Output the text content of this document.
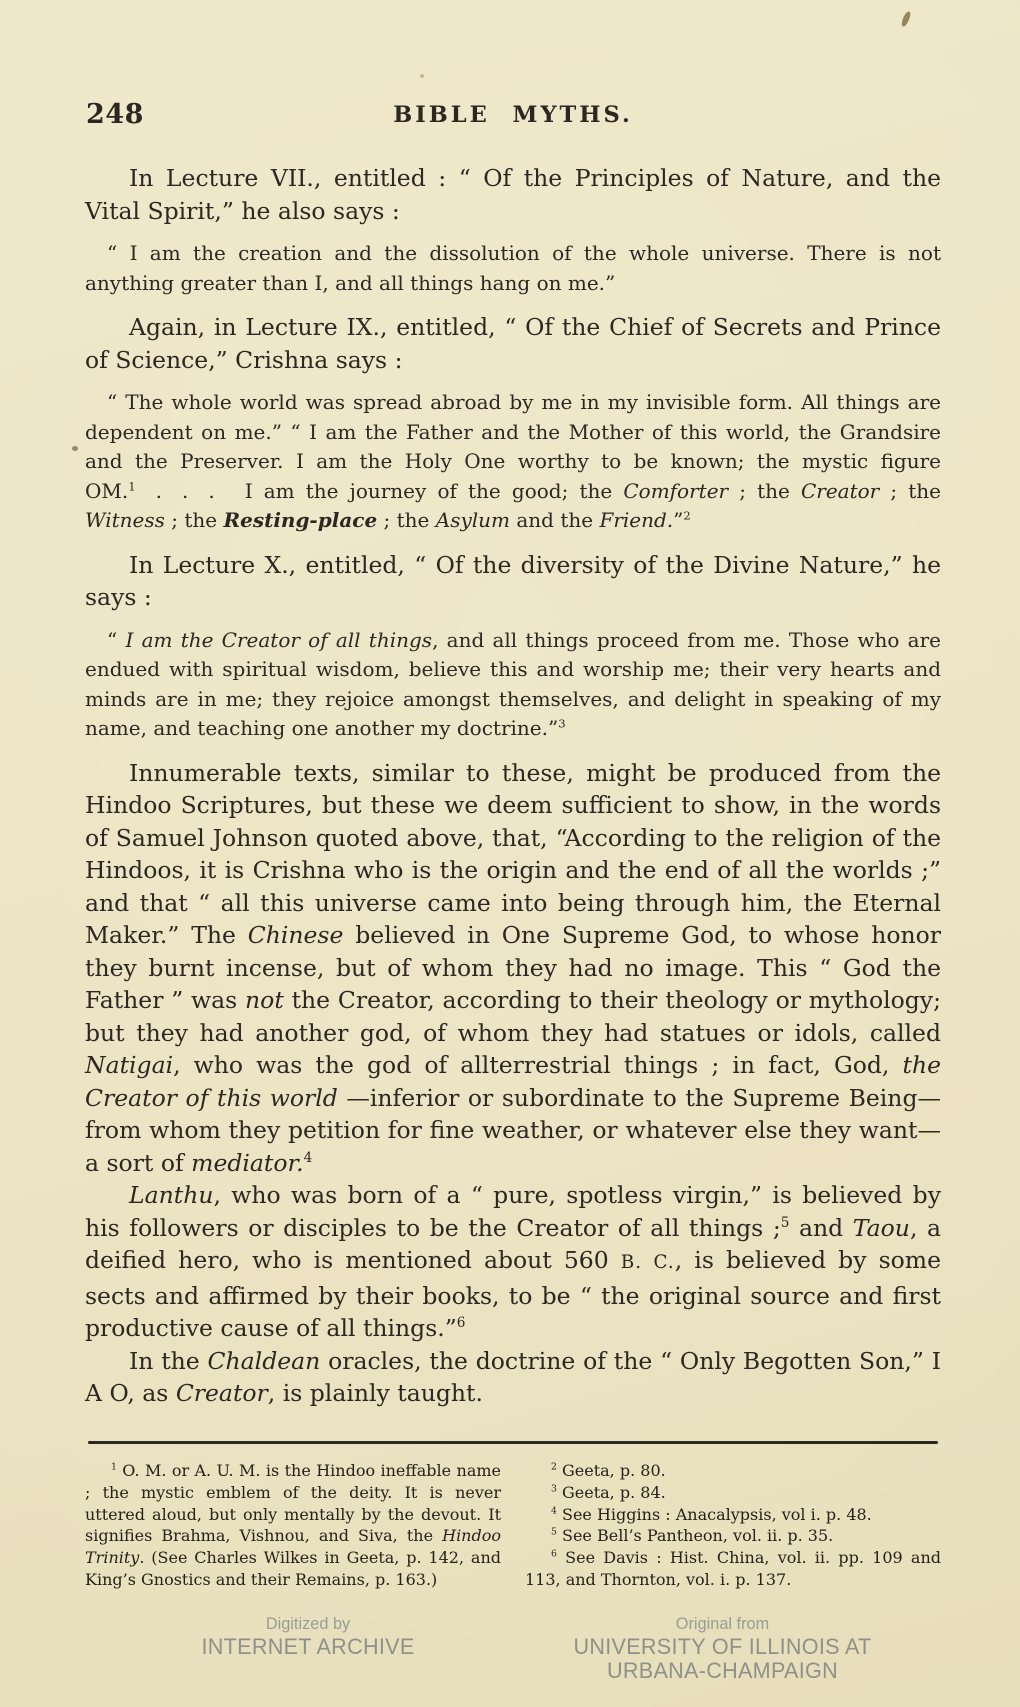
248	BIBLE MYTHS.

In Lecture VII., entitled : “ Of the Principles of Nature, and the Vital Spirit,” he also says :

“ I am the creation and the dissolution of the whole universe. There is not anything greater than I, and all things hang on me.”

Again, in Lecture IX., entitled, “ Of the Chief of Secrets and Prince of Science,” Crishna says :

“ The whole world was spread abroad by me in my invisible form. All things are dependent on me.” “ I am the Father and the Mother of this world, the Grandsire and the Preserver. I am the Holy One worthy to be known; the mystic figure OM.$^1$  . . .  I am the journey of the good; the Comforter ; the Creator ; the Witness ; the Resting-place ; the Asylum and the Friend.”$^2$

In Lecture X., entitled, “ Of the diversity of the Divine Nature,” he says :

“ I am the Creator of all things, and all things proceed from me. Those who are endued with spiritual wisdom, believe this and worship me; their very hearts and minds are in me; they rejoice amongst themselves, and delight in speaking of my name, and teaching one another my doctrine.”$^3$

Innumerable texts, similar to these, might be produced from the Hindoo Scriptures, but these we deem sufficient to show, in the words of Samuel Johnson quoted above, that, “According to the religion of the Hindoos, it is Crishna who is the origin and the end of all the worlds ;” and that “ all this universe came into being through him, the Eternal Maker.” The Chinese believed in One Supreme God, to whose honor they burnt incense, but of whom they had no image. This “ God the Father ” was not the Creator, according to their theology or mythology; but they had another god, of whom they had statues or idols, called Natigai, who was the god of allterrestrial things ; in fact, God, the Creator of this world —inferior or subordinate to the Supreme Being—from whom they petition for fine weather, or whatever else they want—a sort of mediator.$^4$

Lanthu, who was born of a “ pure, spotless virgin,” is believed by his followers or disciples to be the Creator of all things ;$^5$ and Taou, a deified hero, who is mentioned about 560 B. C., is believed by some sects and affirmed by their books, to be “ the original source and first productive cause of all things.”$^6$

In the Chaldean oracles, the doctrine of the “ Only Begotten Son,” I A O, as Creator, is plainly taught.

$^1$ O. M. or A. U. M. is the Hindoo ineffable name ; the mystic emblem of the deity. It is never uttered aloud, but only mentally by the devout. It signifies Brahma, Vishnou, and Siva, the Hindoo Trinity. (See Charles Wilkes in Geeta, p. 142, and King’s Gnostics and their Remains, p. 163.)

$^2$ Geeta, p. 80.

$^3$ Geeta, p. 84.

$^4$ See Higgins : Anacalypsis, vol i. p. 48.

$^5$ See Bell’s Pantheon, vol. ii. p. 35.

$^6$ See Davis : Hist. China, vol. ii. pp. 109 and 113, and Thornton, vol. i. p. 137.

Digitized by
INTERNET ARCHIVE
Original from
UNIVERSITY OF ILLINOIS AT
URBANA-CHAMPAIGN
